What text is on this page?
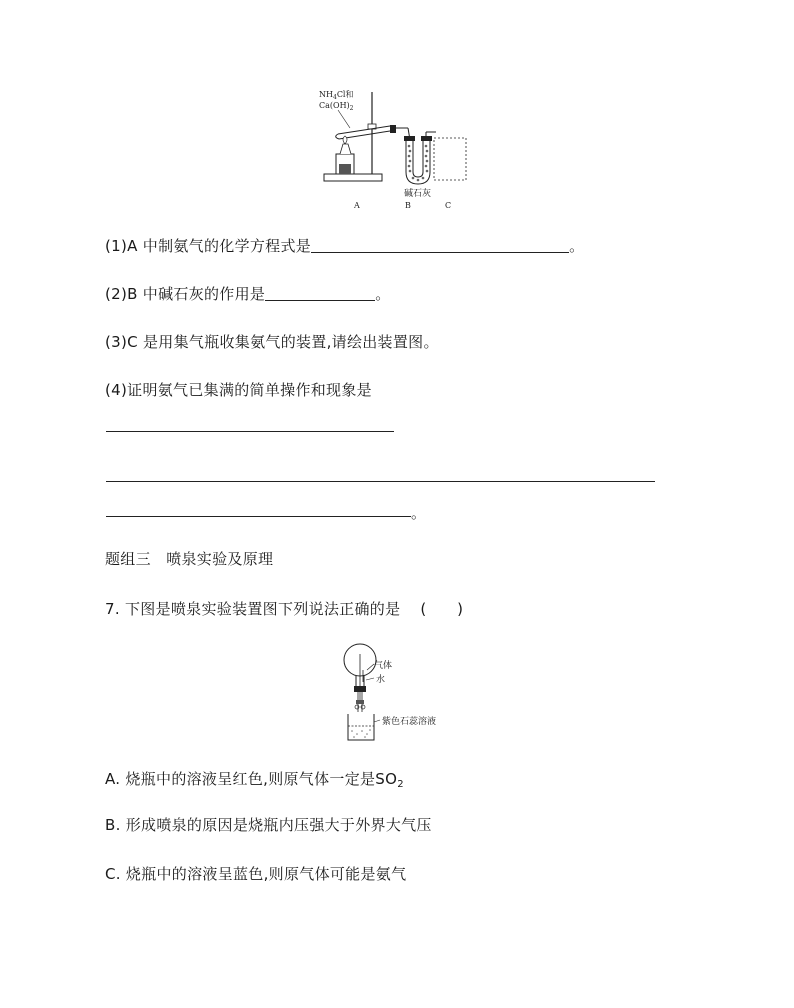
$NH_4Cl$和
$Ca(OH)_2$
碱石灰
A	B	C
(1)A 中制氨气的化学方程式是	。
(2)B 中碱石灰的作用是	。
(3)C 是用集气瓶收集氨气的装置,请绘出装置图。
(4)证明氨气已集满的简单操作和现象是
。
题组三　喷泉实验及原理
7. 下图是喷泉实验装置图下列说法正确的是 (　　)
气体
水
紫色石蕊溶液
A. 烧瓶中的溶液呈红色,则原气体一定是$SO_2$
B. 形成喷泉的原因是烧瓶内压强大于外界大气压
C. 烧瓶中的溶液呈蓝色,则原气体可能是氨气
